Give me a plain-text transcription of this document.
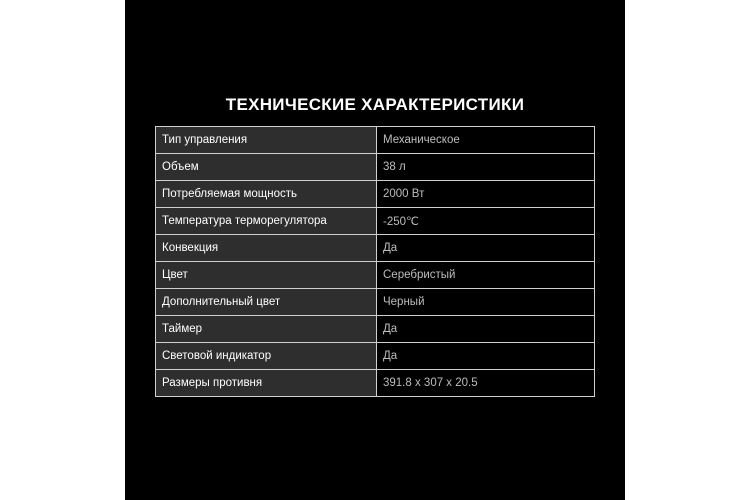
ТЕХНИЧЕСКИЕ ХАРАКТЕРИСТИКИ
Тип управления	Механическое
Объем	38 л
Потребляемая мощность	2000 Вт
Температура терморегулятора	-250℃
Конвекция	Да
Цвет	Серебристый
Дополнительный цвет	Черный
Таймер	Да
Световой индикатор	Да
Размеры противня	391.8 x 307 x 20.5
